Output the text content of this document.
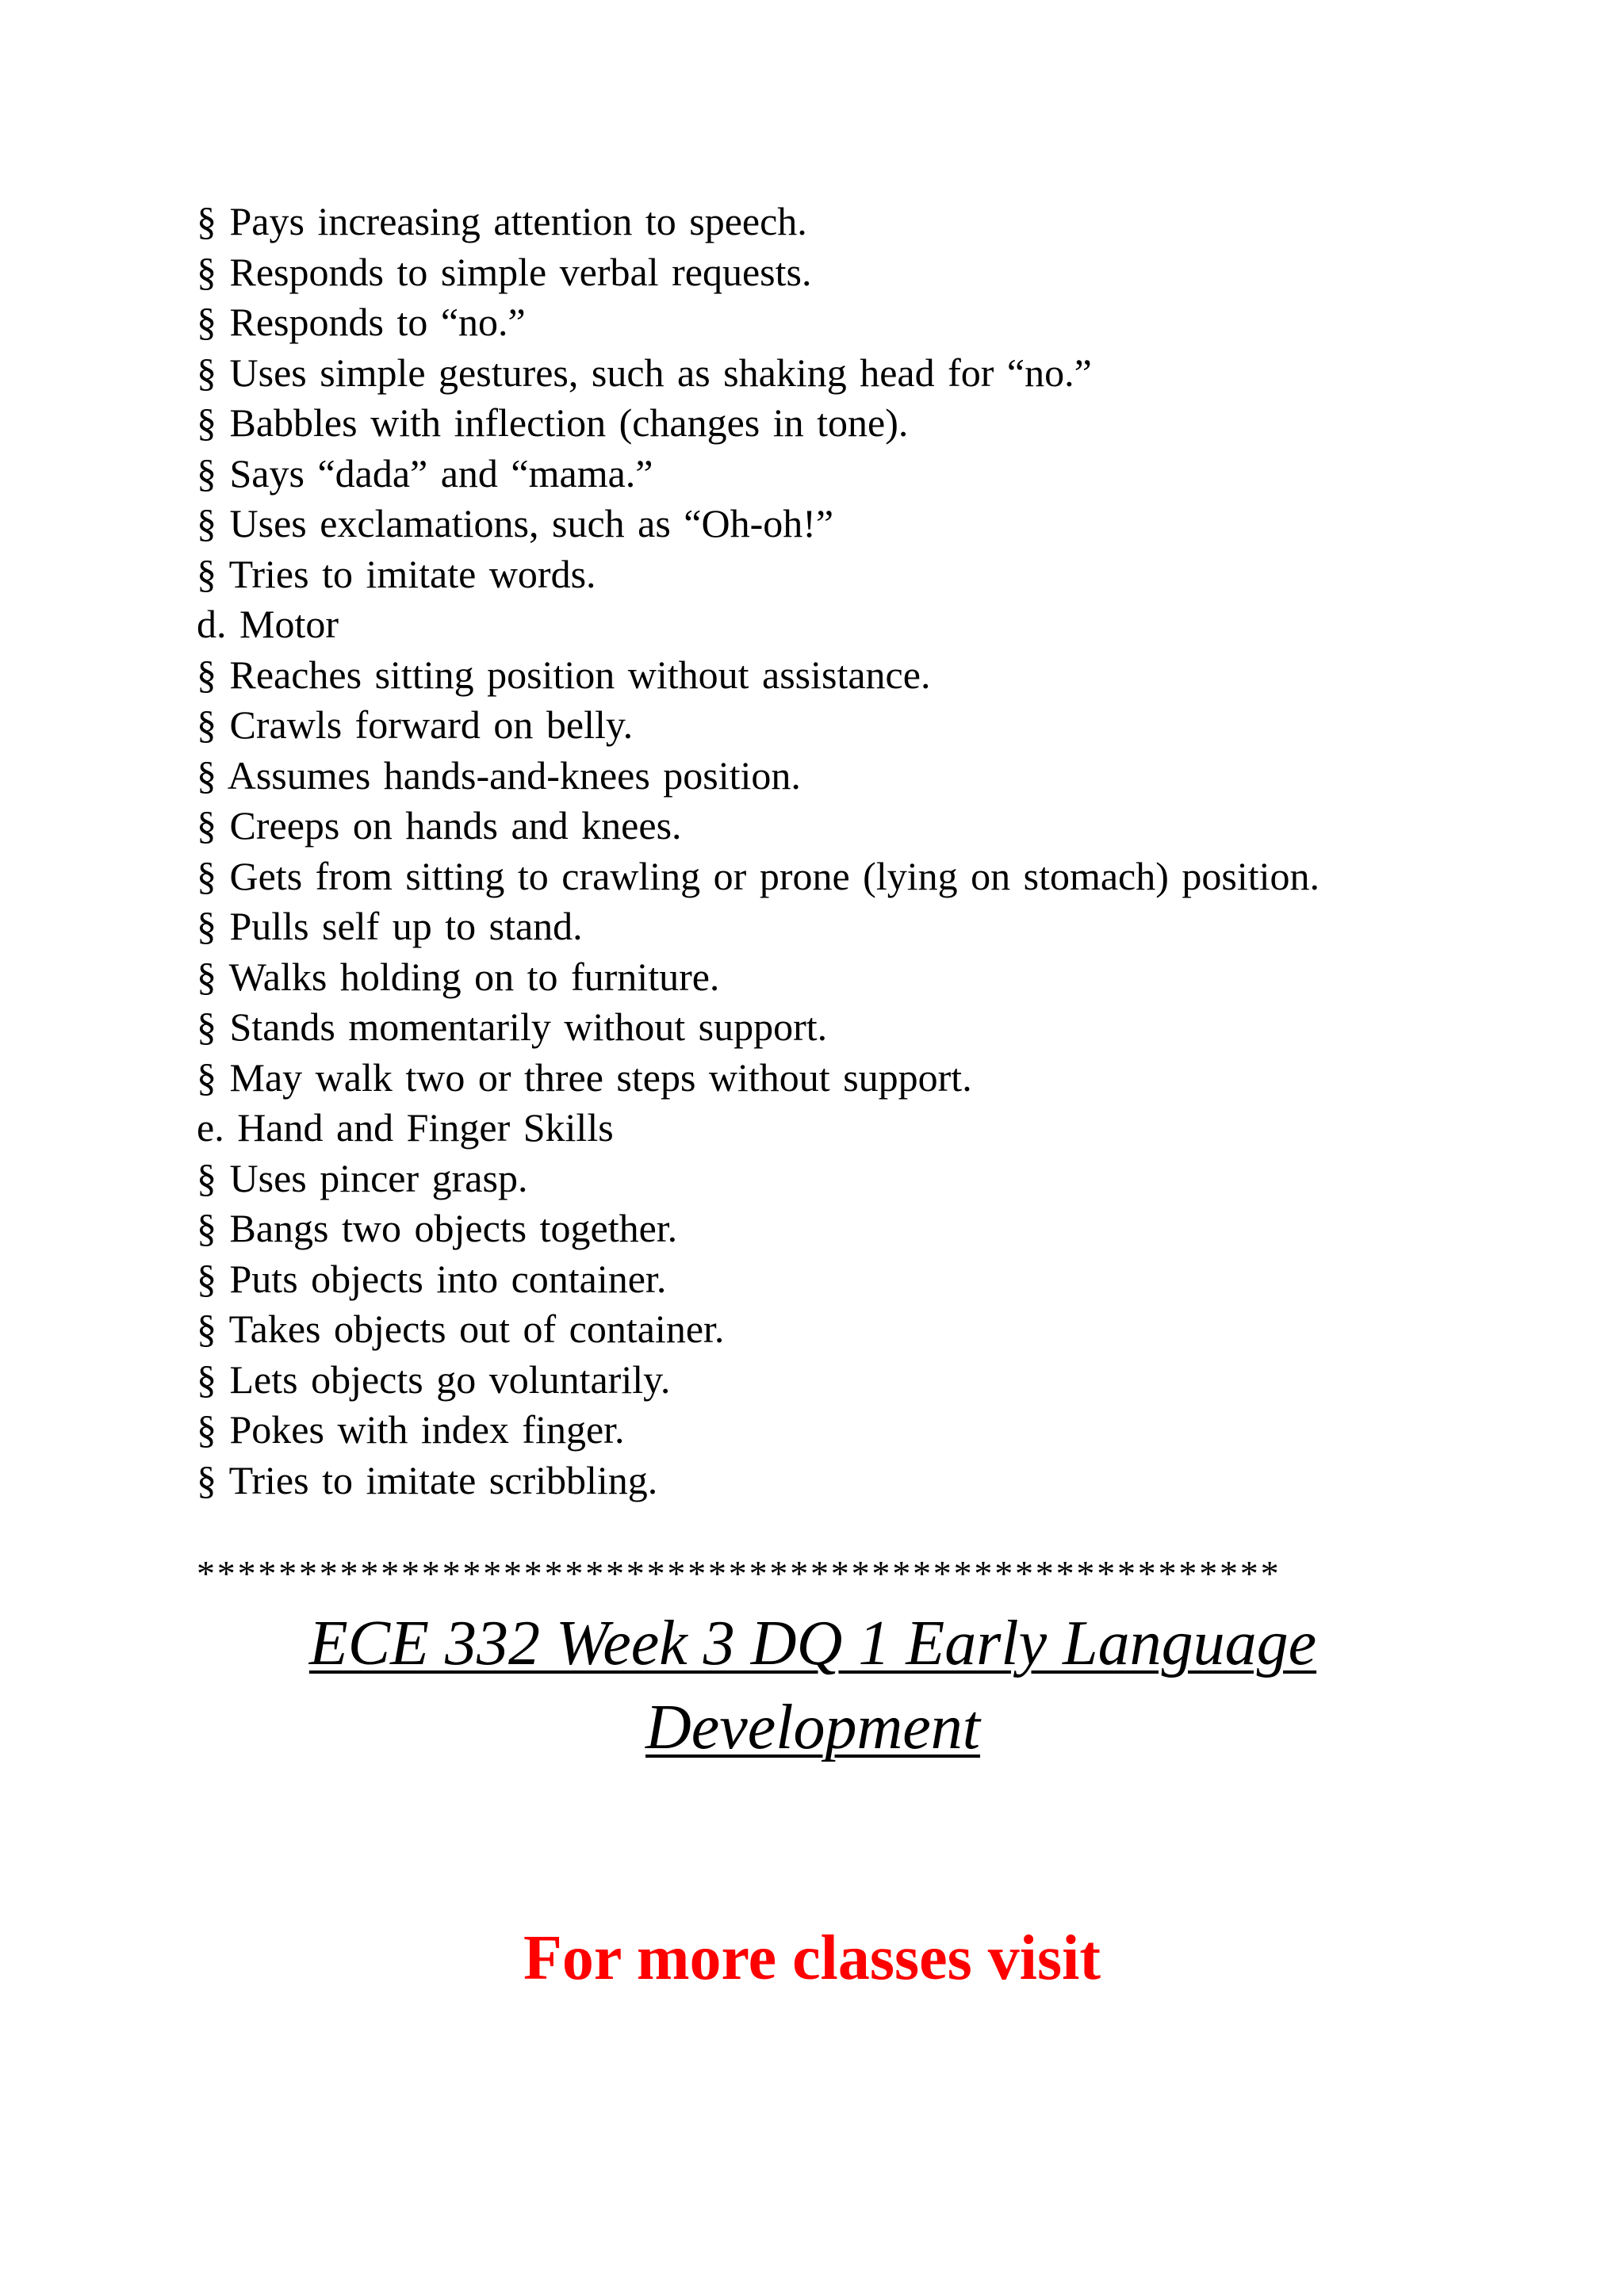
§ Pays increasing attention to speech.
§ Responds to simple verbal requests.
§ Responds to “no.”
§ Uses simple gestures, such as shaking head for “no.”
§ Babbles with inflection (changes in tone).
§ Says “dada” and “mama.”
§ Uses exclamations, such as “Oh-oh!”
§ Tries to imitate words.
d. Motor
§ Reaches sitting position without assistance.
§ Crawls forward on belly.
§ Assumes hands-and-knees position.
§ Creeps on hands and knees.
§ Gets from sitting to crawling or prone (lying on stomach) position.
§ Pulls self up to stand.
§ Walks holding on to furniture.
§ Stands momentarily without support.
§ May walk two or three steps without support.
e. Hand and Finger Skills
§ Uses pincer grasp.
§ Bangs two objects together.
§ Puts objects into container.
§ Takes objects out of container.
§ Lets objects go voluntarily.
§ Pokes with index finger.
§ Tries to imitate scribbling.
*****************************************************
ECE 332 Week 3 DQ 1 Early Language Development

For more classes visit
